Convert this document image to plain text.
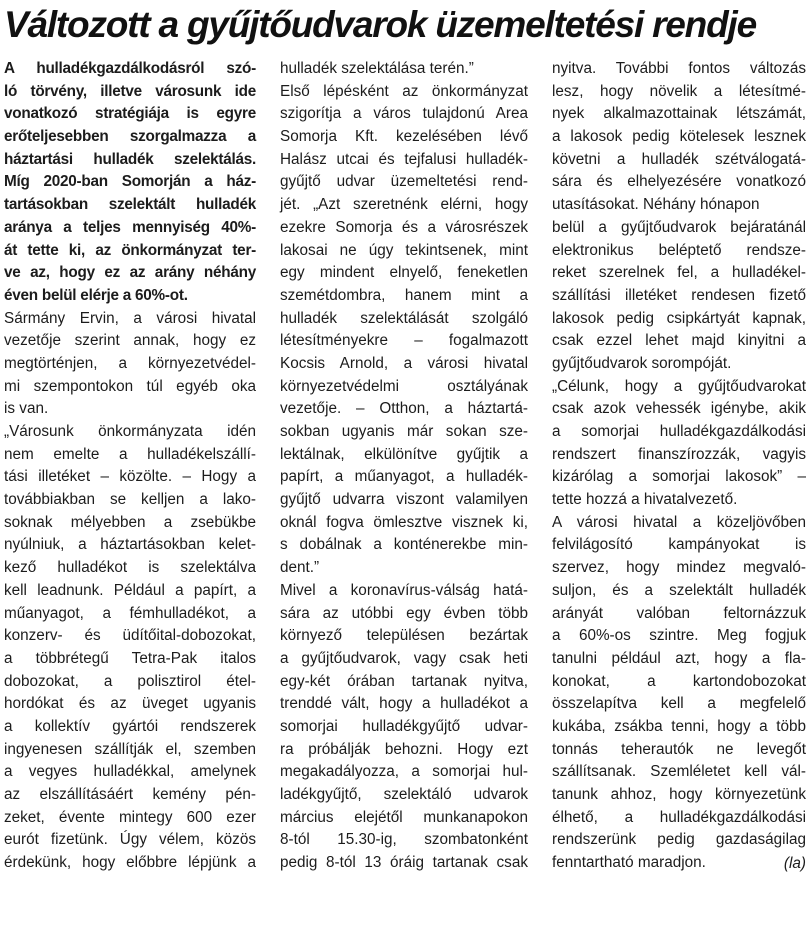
Változott a gyűjtőudvarok üzemeltetési rendje
A hulladékgazdálkodásról szó-
ló törvény, illetve városunk ide
vonatkozó stratégiája is egyre
erőteljesebben szorgalmazza a
háztartási hulladék szelektálás.
Míg 2020-ban Somorján a ház-
tartásokban szelektált hulladék
aránya a teljes mennyiség 40%-
át tette ki, az önkormányzat ter-
ve az, hogy ez az arány néhány
éven belül elérje a 60%-ot.
Sármány Ervin, a városi hivatal
vezetője szerint annak, hogy ez
megtörténjen, a környezetvédel-
mi szempontokon túl egyéb oka
is van.
„Városunk önkormányzata idén
nem emelte a hulladékelszállí-
tási illetéket – közölte. – Hogy a
továbbiakban se kelljen a lako-
soknak mélyebben a zsebükbe
nyúlniuk, a háztartásokban kelet-
kező hulladékot is szelektálva
kell leadnunk. Például a papírt, a
műanyagot, a fémhulladékot, a
konzerv- és üdítőital-dobozokat,
a többrétegű Tetra-Pak italos
dobozokat, a polisztirol étel-
hordókat és az üveget ugyanis
a kollektív gyártói rendszerek
ingyenesen szállítják el, szemben
a vegyes hulladékkal, amelynek
az elszállításáért kemény pén-
zeket, évente mintegy 600 ezer
eurót fizetünk. Úgy vélem, közös
érdekünk, hogy előbbre lépjünk a
hulladék szelektálása terén.”
Első lépésként az önkormányzat
szigorítja a város tulajdonú Area
Somorja Kft. kezelésében lévő
Halász utcai és tejfalusi hulladék-
gyűjtő udvar üzemeltetési rend-
jét. „Azt szeretnénk elérni, hogy
ezekre Somorja és a városrészek
lakosai ne úgy tekintsenek, mint
egy mindent elnyelő, feneketlen
szemétdombra, hanem mint a
hulladék szelektálását szolgáló
létesítményekre – fogalmazott
Kocsis Arnold, a városi hivatal
környezetvédelmi osztályának
vezetője. – Otthon, a háztartá-
sokban ugyanis már sokan sze-
lektálnak, elkülönítve gyűjtik a
papírt, a műanyagot, a hulladék-
gyűjtő udvarra viszont valamilyen
oknál fogva ömlesztve visznek ki,
s dobálnak a konténerekbe min-
dent.”
Mivel a koronavírus-válság hatá-
sára az utóbbi egy évben több
környező településen bezártak
a gyűjtőudvarok, vagy csak heti
egy-két órában tartanak nyitva,
trenddé vált, hogy a hulladékot a
somorjai hulladékgyűjtő udvar-
ra próbálják behozni. Hogy ezt
megakadályozza, a somorjai hul-
ladékgyűjtő, szelektáló udvarok
március elejétől munkanapokon
8-tól 15.30-ig, szombatonként
pedig 8-tól 13 óráig tartanak csak
nyitva. További fontos változás
lesz, hogy növelik a létesítmé-
nyek alkalmazottainak létszámát,
a lakosok pedig kötelesek lesznek
követni a hulladék szétválogatá-
sára és elhelyezésére vonatkozó
utasításokat. Néhány hónapon
belül a gyűjtőudvarok bejáratánál
elektronikus beléptető rendsze-
reket szerelnek fel, a hulladékel-
szállítási illetéket rendesen fizető
lakosok pedig csipkártyát kapnak,
csak ezzel lehet majd kinyitni a
gyűjtőudvarok sorompóját.
„Célunk, hogy a gyűjtőudvarokat
csak azok vehessék igénybe, akik
a somorjai hulladékgazdálkodási
rendszert finanszírozzák, vagyis
kizárólag a somorjai lakosok” –
tette hozzá a hivatalvezető.
A városi hivatal a közeljövőben
felvilágosító kampányokat is
szervez, hogy mindez megvaló-
suljon, és a szelektált hulladék
arányát valóban feltornázzuk
a 60%-os szintre. Meg fogjuk
tanulni például azt, hogy a fla-
konokat, a kartondobozokat
összelapítva kell a megfelelő
kukába, zsákba tenni, hogy a több
tonnás teherautók ne levegőt
szállítsanak. Szemléletet kell vál-
tanunk ahhoz, hogy környezetünk
élhető, a hulladékgazdálkodási
rendszerünk pedig gazdaságilag
fenntartható maradjon.	(la)
